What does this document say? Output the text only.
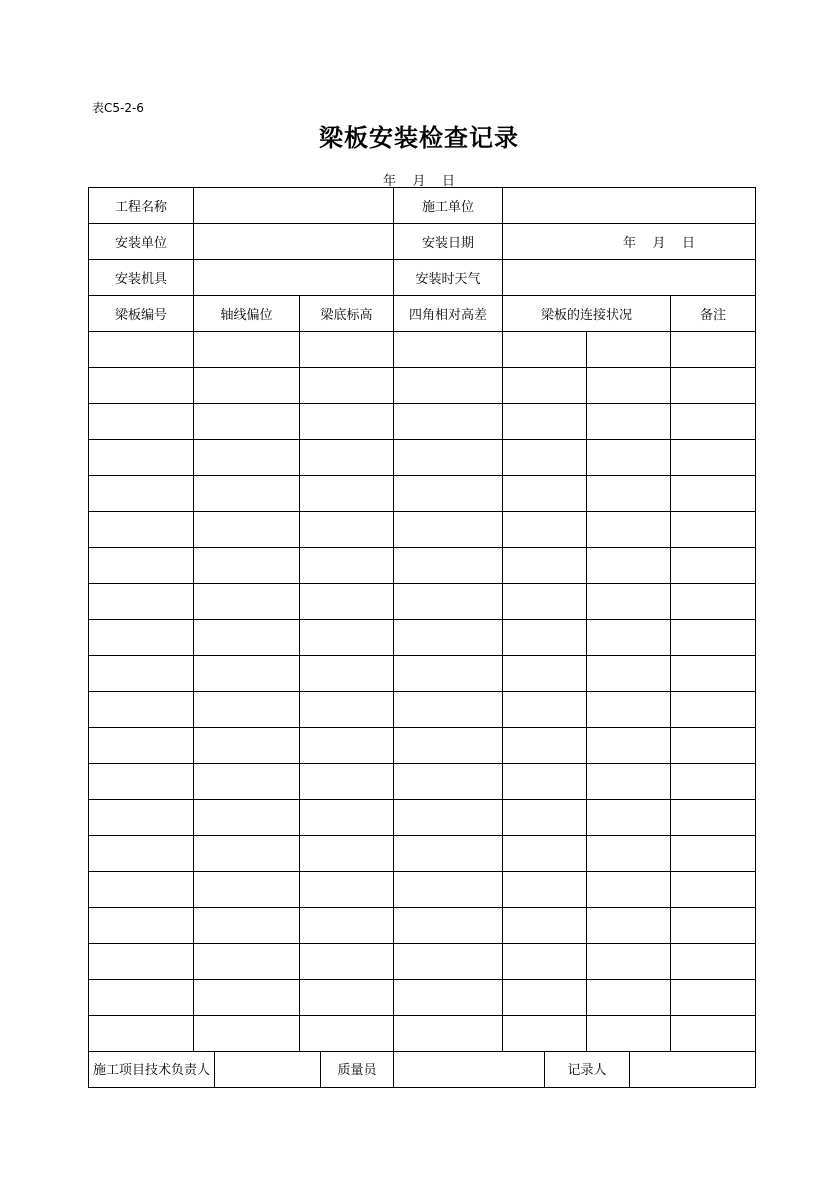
表C5-2-6
梁板安装检查记录
年    月    日
工程名称			施工单位			
安装单位			安装日期	年    月    日		
安装机具			安装时天气			
梁板编号	轴线偏位	梁底标高	四角相对高差	梁板的连接状况		备注

施工项目技术负责人		质量员		记录人	
